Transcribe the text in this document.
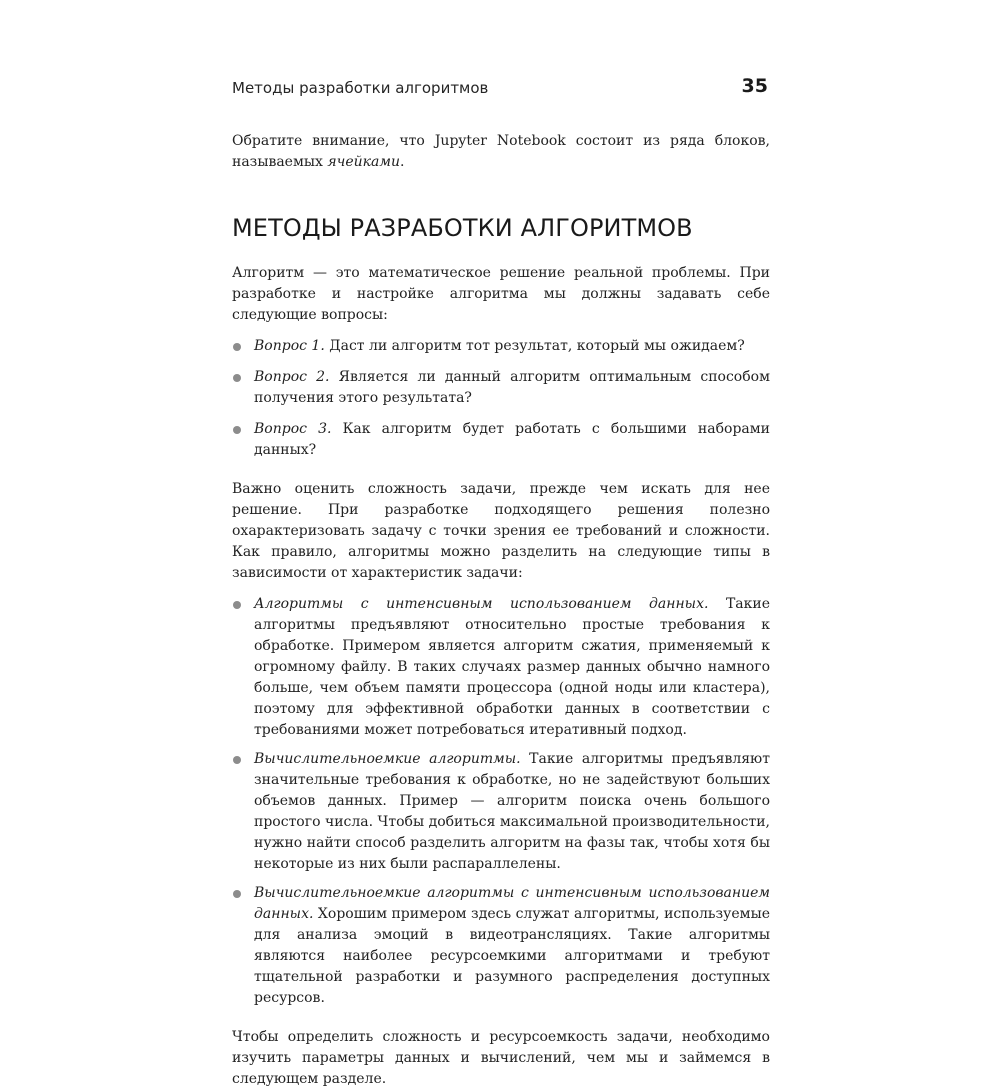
Методы разработки алгоритмов	35

Обратите внимание, что Jupyter Notebook состоит из ряда блоков, называемых ячейками.

МЕТОДЫ РАЗРАБОТКИ АЛГОРИТМОВ

Алгоритм — это математическое решение реальной проблемы. При разработке и настройке алгоритма мы должны задавать себе следующие вопросы:

Вопрос 1. Даст ли алгоритм тот результат, который мы ожидаем?
Вопрос 2. Является ли данный алгоритм оптимальным способом получения этого результата?
Вопрос 3. Как алгоритм будет работать с большими наборами данных?

Важно оценить сложность задачи, прежде чем искать для нее решение. При разработке подходящего решения полезно охарактеризовать задачу с точки зрения ее требований и сложности. Как правило, алгоритмы можно разделить на следующие типы в зависимости от характеристик задачи:

Алгоритмы с интенсивным использованием данных. Такие алгоритмы предъявляют относительно простые требования к обработке. Примером является алгоритм сжатия, применяемый к огромному файлу. В таких случаях размер данных обычно намного больше, чем объем памяти процессора (одной ноды или кластера), поэтому для эффективной обработки данных в соответствии с требованиями может потребоваться итеративный подход.
Вычислительноемкие алгоритмы. Такие алгоритмы предъявляют значительные требования к обработке, но не задействуют больших объемов данных. Пример — алгоритм поиска очень большого простого числа. Чтобы добиться максимальной производительности, нужно найти способ разделить алгоритм на фазы так, чтобы хотя бы некоторые из них были распараллелены.
Вычислительноемкие алгоритмы с интенсивным использованием данных. Хорошим примером здесь служат алгоритмы, используемые для анализа эмоций в видеотрансляциях. Такие алгоритмы являются наиболее ресурсоемкими алгоритмами и требуют тщательной разработки и разумного распределения доступных ресурсов.

Чтобы определить сложность и ресурсоемкость задачи, необходимо изучить параметры данных и вычислений, чем мы и займемся в следующем разделе.
